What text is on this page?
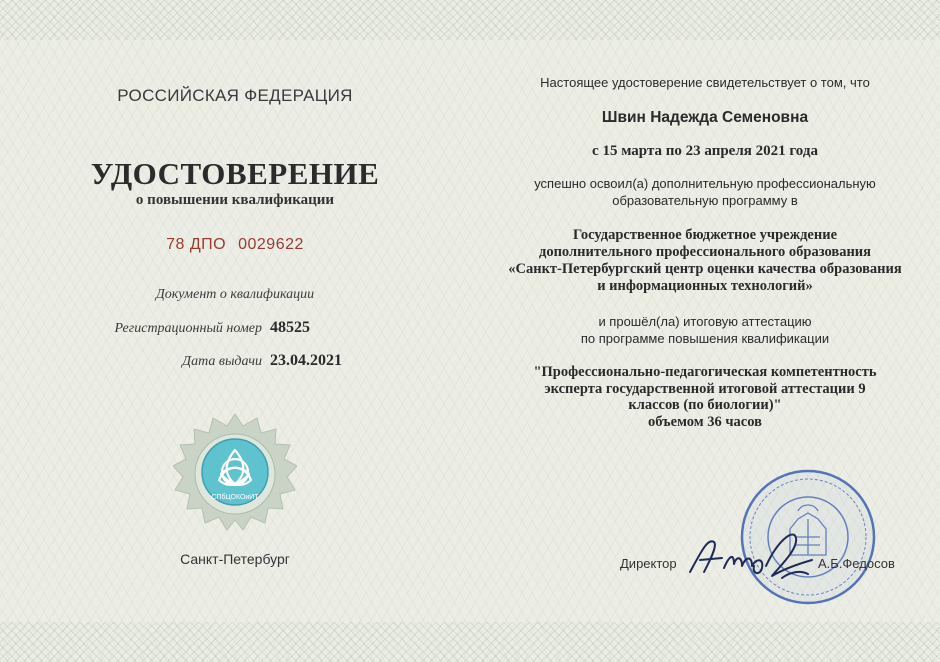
РОССИЙСКАЯ ФЕДЕРАЦИЯ
УДОСТОВЕРЕНИЕ
о повышении квалификации
78 ДПО 0029622
Документ о квалификации
Регистрационный номер 48525
Дата выдачи 23.04.2021
СПбЦОКОиИТ
Санкт-Петербург
Настоящее удостоверение свидетельствует о том, что
Швин Надежда Семеновна
с 15 марта по 23 апреля 2021 года
успешно освоил(а) дополнительную профессиональную
образовательную программу в
Государственное бюджетное учреждение
дополнительного профессионального образования
«Санкт-Петербургский центр оценки качества образования
и информационных технологий»
и прошёл(ла) итоговую аттестацию
по программе повышения квалификации
"Профессионально-педагогическая компетентность
эксперта государственной итоговой аттестации 9
классов (по биологии)"
объемом 36 часов
Директор	А.Б.Федосов
